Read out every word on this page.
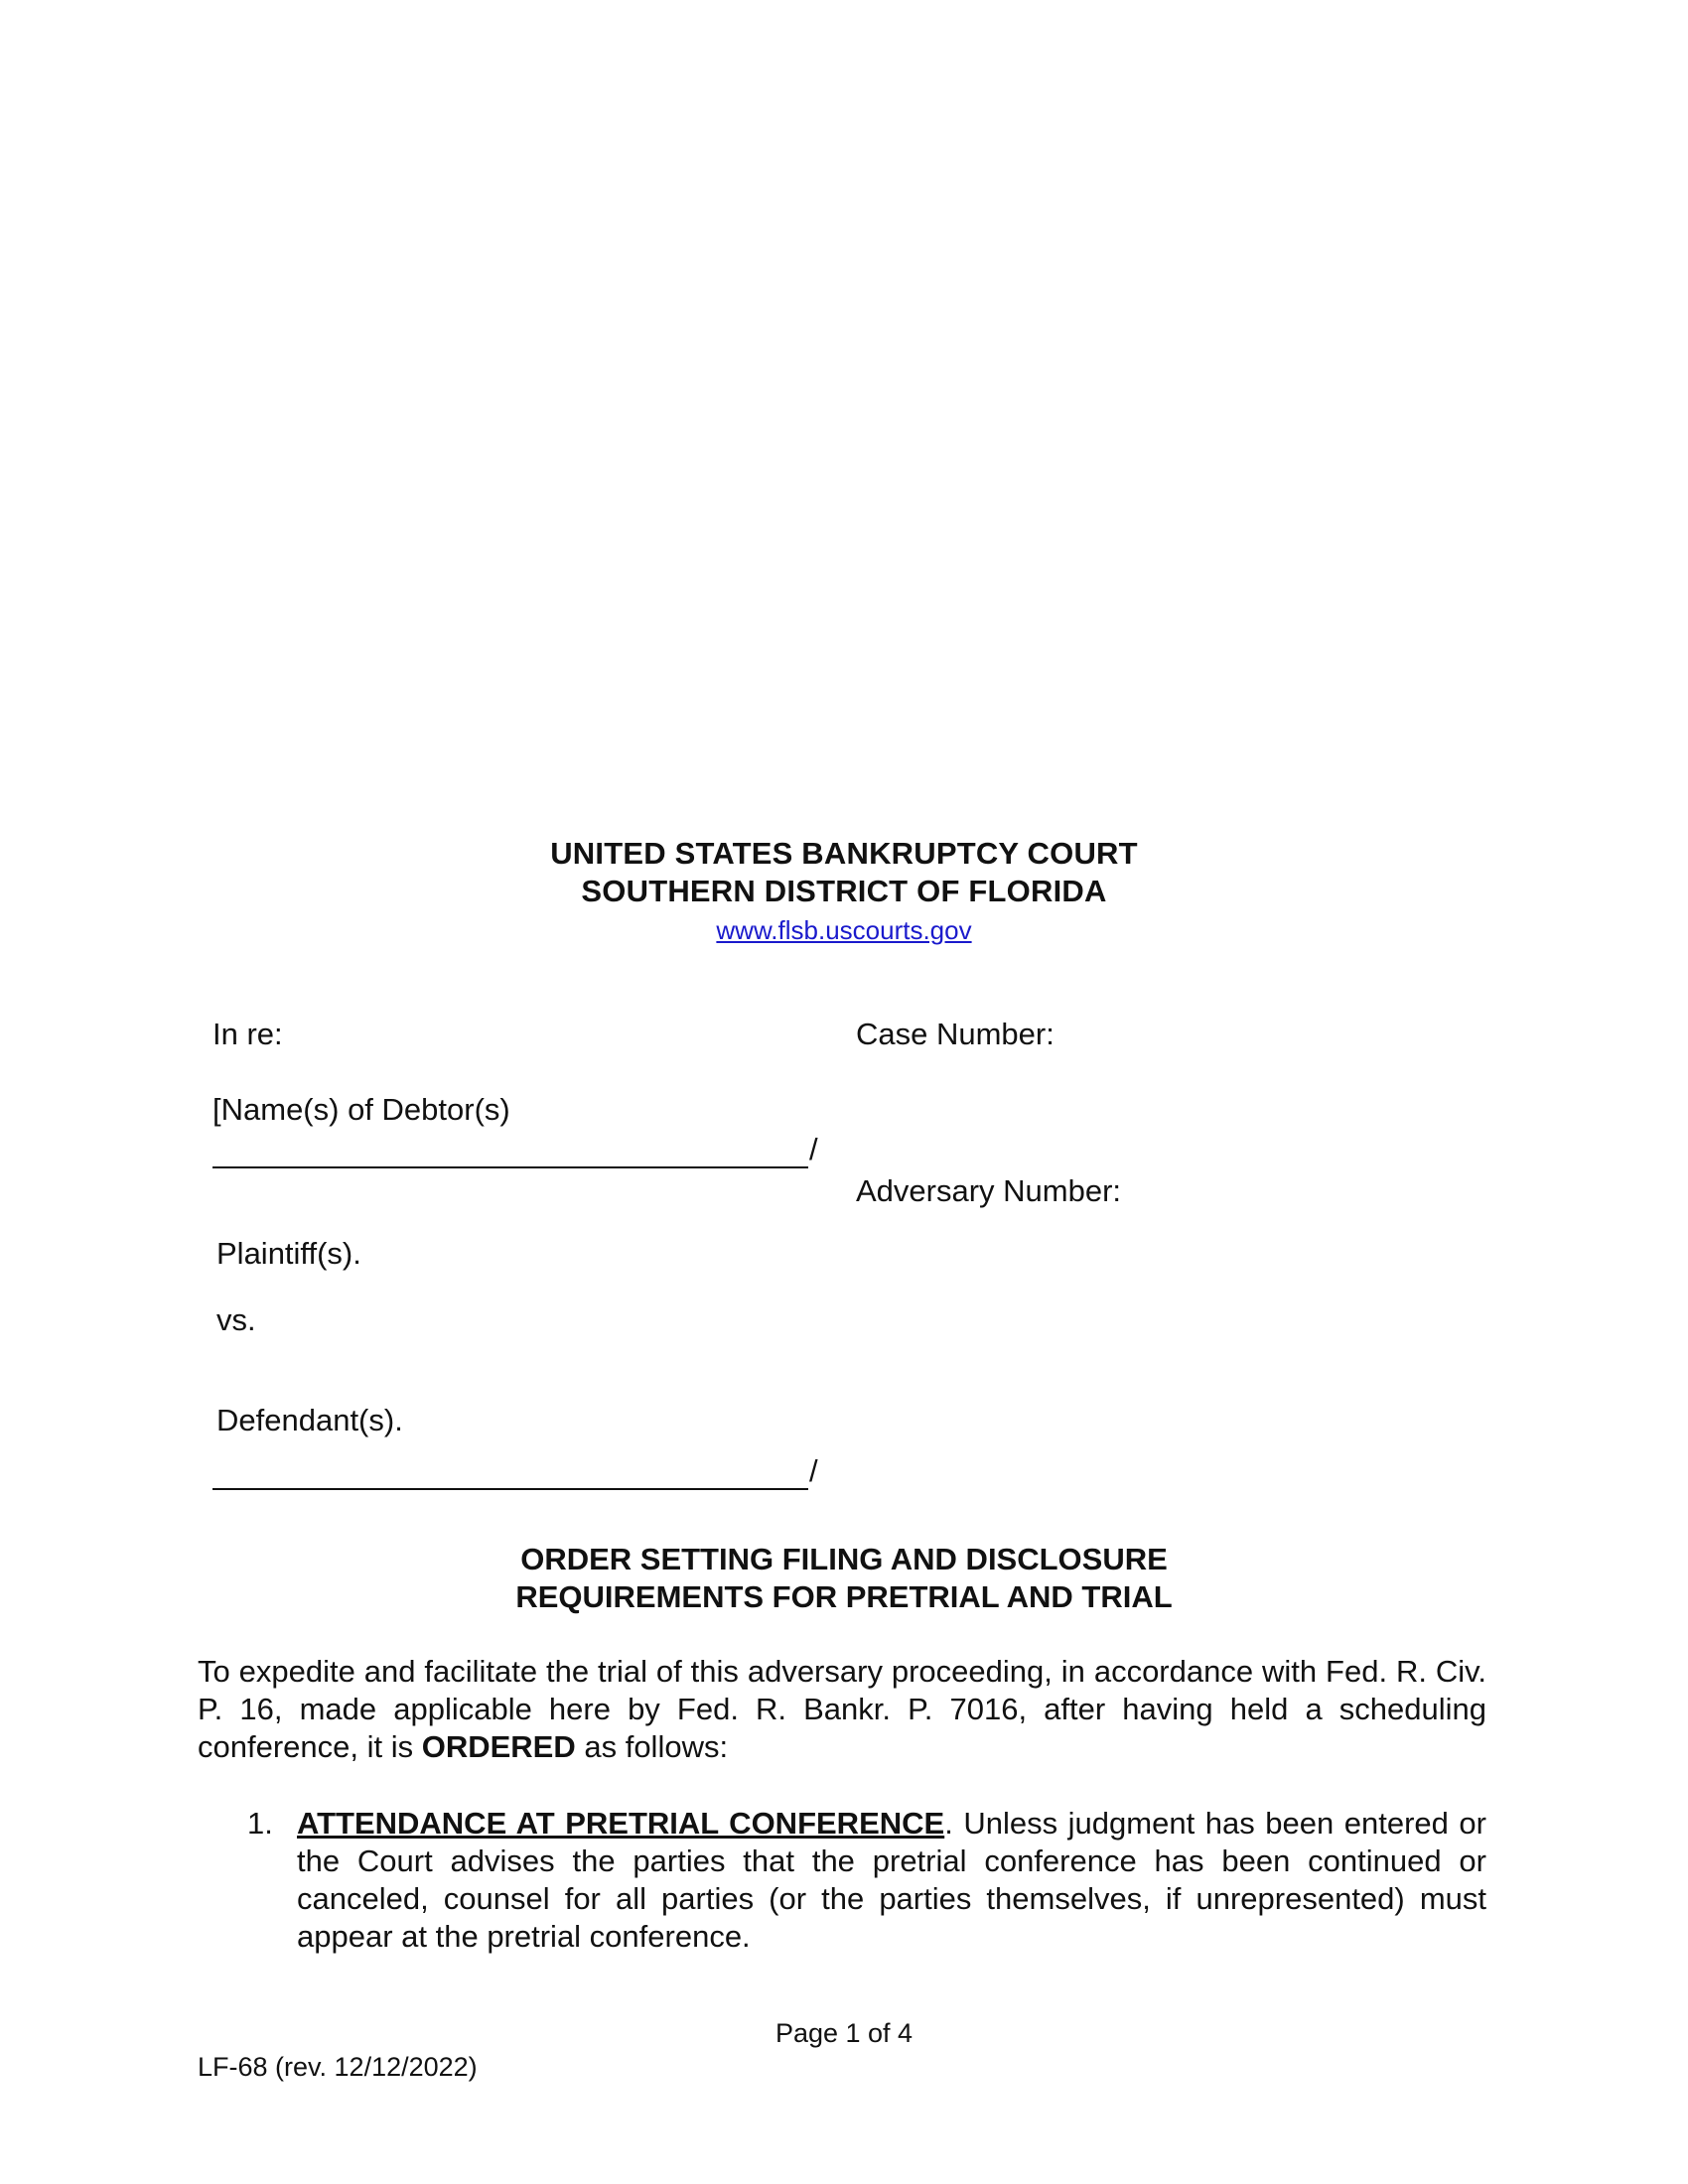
UNITED STATES BANKRUPTCY COURT
SOUTHERN DISTRICT OF FLORIDA
www.flsb.uscourts.gov
In re:	Case Number:
[Name(s) of Debtor(s)
/
Adversary Number:
Plaintiff(s).
vs.
Defendant(s).
/
ORDER SETTING FILING AND DISCLOSURE
REQUIREMENTS FOR PRETRIAL AND TRIAL
To expedite and facilitate the trial of this adversary proceeding, in accordance with Fed. R. Civ. P. 16, made applicable here by Fed. R. Bankr. P. 7016, after having held a scheduling conference, it is ORDERED as follows:
1. ATTENDANCE AT PRETRIAL CONFERENCE. Unless judgment has been entered or the Court advises the parties that the pretrial conference has been continued or canceled, counsel for all parties (or the parties themselves, if unrepresented) must appear at the pretrial conference.
Page 1 of 4
LF-68 (rev. 12/12/2022)
